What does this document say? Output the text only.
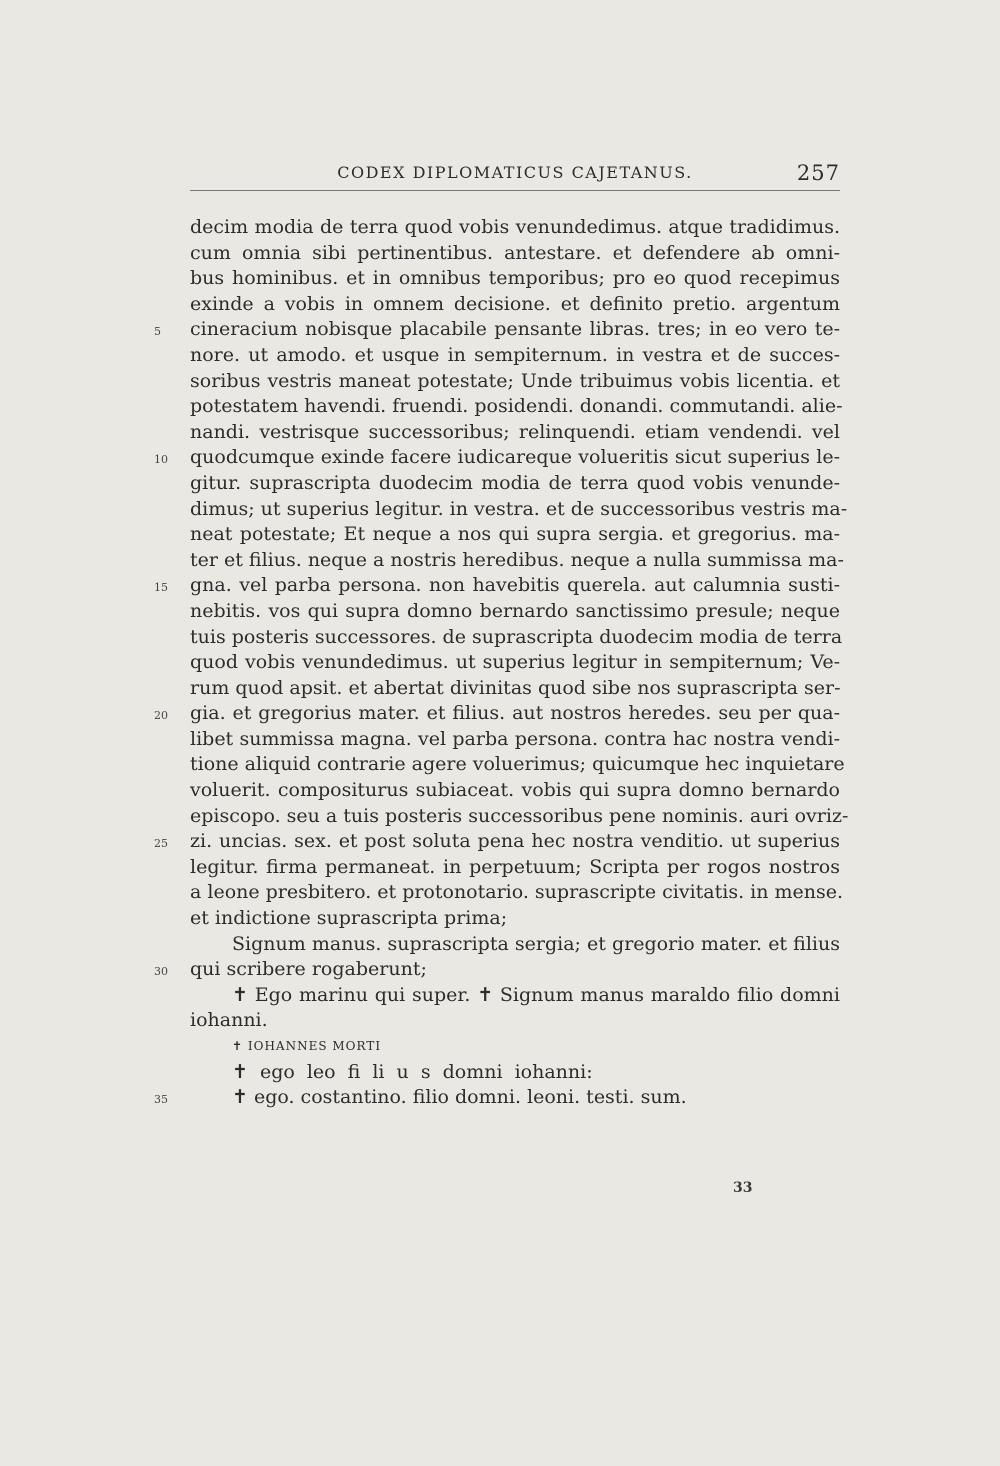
CODEX DIPLOMATICUS CAJETANUS.	257
decim modia de terra quod vobis venundedimus. atque tradidimus.
cum omnia sibi pertinentibus. antestare. et defendere ab omni-
bus hominibus. et in omnibus temporibus; pro eo quod recepimus
exinde a vobis in omnem decisione. et definito pretio. argentum
5	cineracium nobisque placabile pensante libras. tres; in eo vero te-
nore. ut amodo. et usque in sempiternum. in vestra et de succes-
soribus vestris maneat potestate; Unde tribuimus vobis licentia. et
potestatem havendi. fruendi. posidendi. donandi. commutandi. alie-
nandi. vestrisque successoribus; relinquendi. etiam vendendi. vel
10	quodcumque exinde facere iudicareque volueritis sicut superius le-
gitur. suprascripta duodecim modia de terra quod vobis venunde-
dimus; ut superius legitur. in vestra. et de successoribus vestris ma-
neat potestate; Et neque a nos qui supra sergia. et gregorius. ma-
ter et filius. neque a nostris heredibus. neque a nulla summissa ma-
15	gna. vel parba persona. non havebitis querela. aut calumnia susti-
nebitis. vos qui supra domno bernardo sanctissimo presule; neque
tuis posteris successores. de suprascripta duodecim modia de terra
quod vobis venundedimus. ut superius legitur in sempiternum; Ve-
rum quod apsit. et abertat divinitas quod sibe nos suprascripta ser-
20	gia. et gregorius mater. et filius. aut nostros heredes. seu per qua-
libet summissa magna. vel parba persona. contra hac nostra vendi-
tione aliquid contrarie agere voluerimus; quicumque hec inquietare
voluerit. compositurus subiaceat. vobis qui supra domno bernardo
episcopo. seu a tuis posteris successoribus pene nominis. auri ovriz-
25	zi. uncias. sex. et post soluta pena hec nostra venditio. ut superius
legitur. firma permaneat. in perpetuum; Scripta per rogos nostros
a leone presbitero. et protonotario. suprascripte civitatis. in mense.
et indictione suprascripta prima;
Signum manus. suprascripta sergia; et gregorio mater. et filius
30	qui scribere rogaberunt;
✝ Ego marinu qui super. ✝ Signum manus maraldo filio domni
iohanni.
✝ IOHANNES MORTI
✝ ego leo fi li u s domni iohanni:
35	✝ ego. costantino. filio domni. leoni. testi. sum.
33
